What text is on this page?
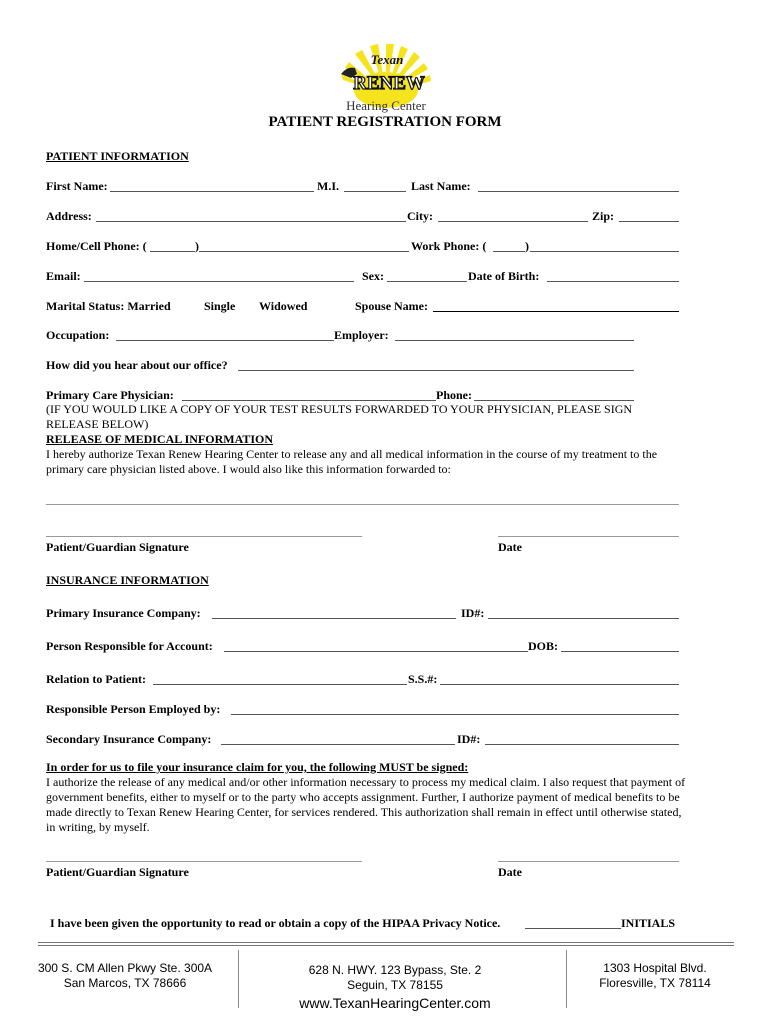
Texan
RENEW
Hearing Center
PATIENT REGISTRATION FORM
PATIENT INFORMATION
First Name:	M.I.	Last Name:
Address:	City:	Zip:
Home/Cell Phone: (	)	Work Phone: (	)
Email:	Sex:	Date of Birth:
Marital Status: Married	Single Widowed	Spouse Name:
Occupation:	Employer:
How did you hear about our office?
Primary Care Physician:	Phone:
(IF YOU WOULD LIKE A COPY OF YOUR TEST RESULTS FORWARDED TO YOUR PHYSICIAN, PLEASE SIGN
RELEASE BELOW)
RELEASE OF MEDICAL INFORMATION
I hereby authorize Texan Renew Hearing Center to release any and all medical information in the course of my treatment to the
primary care physician listed above. I would also like this information forwarded to:
Patient/Guardian Signature	Date
INSURANCE INFORMATION
Primary Insurance Company:	ID#:
Person Responsible for Account:	DOB:
Relation to Patient:	S.S.#:
Responsible Person Employed by:
Secondary Insurance Company:	ID#:
In order for us to file your insurance claim for you, the following MUST be signed:
I authorize the release of any medical and/or other information necessary to process my medical claim. I also request that payment of
government benefits, either to myself or to the party who accepts assignment. Further, I authorize payment of medical benefits to be
made directly to Texan Renew Hearing Center, for services rendered. This authorization shall remain in effect until otherwise stated,
in writing, by myself.
Patient/Guardian Signature	Date
I have been given the opportunity to read or obtain a copy of the HIPAA Privacy Notice.	INITIALS
300 S. CM Allen Pkwy Ste. 300A
San Marcos, TX 78666
628 N. HWY. 123 Bypass, Ste. 2
Seguin, TX 78155
1303 Hospital Blvd.
Floresville, TX 78114
www.TexanHearingCenter.com
